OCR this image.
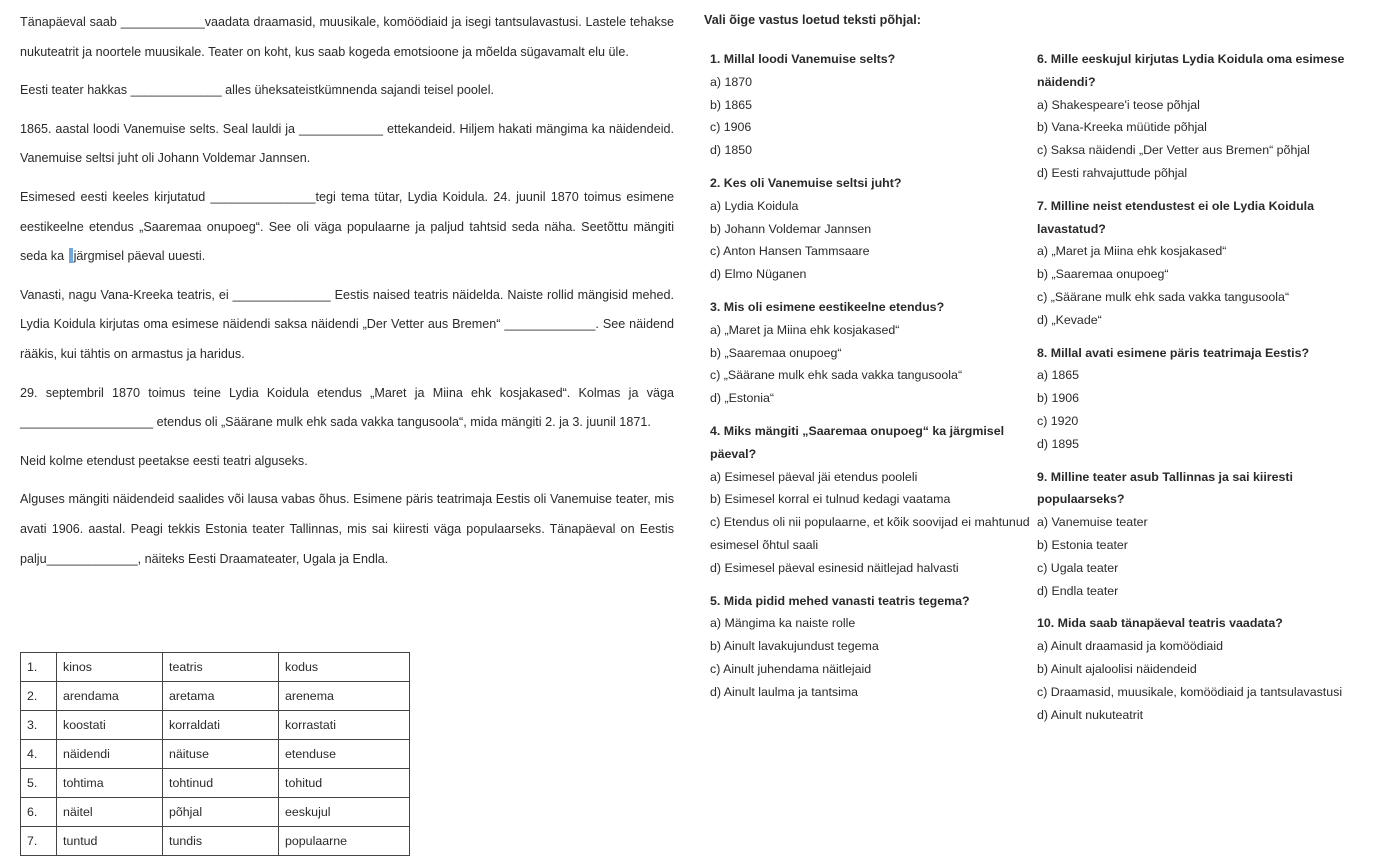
Tänapäeval saab ____________vaadata draamasid, muusikale, komöödiaid ja isegi tantsulavastusi. Lastele tehakse nukuteatrit ja noortele muusikale. Teater on koht, kus saab kogeda emotsioone ja mõelda sügavamalt elu üle.

Eesti teater hakkas _____________ alles üheksateistkümnenda sajandi teisel poolel.

1865. aastal loodi Vanemuise selts. Seal lauldi ja ____________ ettekandeid. Hiljem hakati mängima ka näidendeid. Vanemuise seltsi juht oli Johann Voldemar Jannsen.

Esimesed eesti keeles kirjutatud _______________tegi tema tütar, Lydia Koidula. 24. juunil 1870 toimus esimene eestikeelne etendus „Saaremaa onupoeg“. See oli väga populaarne ja paljud tahtsid seda näha. Seetõttu mängiti seda ka järgmisel päeval uuesti.

Vanasti, nagu Vana-Kreeka teatris, ei ______________ Eestis naised teatris näidelda. Naiste rollid mängisid mehed. Lydia Koidula kirjutas oma esimese näidendi saksa näidendi „Der Vetter aus Bremen“ _____________. See näidend rääkis, kui tähtis on armastus ja haridus.

29. septembril 1870 toimus teine Lydia Koidula etendus „Maret ja Miina ehk kosjakased“. Kolmas ja väga ___________________ etendus oli „Säärane mulk ehk sada vakka tangusoola“, mida mängiti 2. ja 3. juunil 1871.

Neid kolme etendust peetakse eesti teatri alguseks.

Alguses mängiti näidendeid saalides või lausa vabas õhus. Esimene päris teatrimaja Eestis oli Vanemuise teater, mis avati 1906. aastal. Peagi tekkis Estonia teater Tallinnas, mis sai kiiresti väga populaarseks. Tänapäeval on Eestis palju_____________, näiteks Eesti Draamateater, Ugala ja Endla.

1.	kinos	teatris	kodus
2.	arendama	aretama	arenema
3.	koostati	korraldati	korrastati
4.	näidendi	näituse	etenduse
5.	tohtima	tohtinud	tohitud
6.	näitel	põhjal	eeskujul
7.	tuntud	tundis	populaarne
Vali õige vastus loetud teksti põhjal:
1. Millal loodi Vanemuise selts?
a) 1870
b) 1865
c) 1906
d) 1850
2. Kes oli Vanemuise seltsi juht?
a) Lydia Koidula
b) Johann Voldemar Jannsen
c) Anton Hansen Tammsaare
d) Elmo Nüganen
3. Mis oli esimene eestikeelne etendus?
a) „Maret ja Miina ehk kosjakased“
b) „Saaremaa onupoeg“
c) „Säärane mulk ehk sada vakka tangusoola“
d) „Estonia“
4. Miks mängiti „Saaremaa onupoeg“ ka järgmisel päeval?
a) Esimesel päeval jäi etendus pooleli
b) Esimesel korral ei tulnud kedagi vaatama
c) Etendus oli nii populaarne, et kõik soovijad ei mahtunud esimesel õhtul saali
d) Esimesel päeval esinesid näitlejad halvasti
5. Mida pidid mehed vanasti teatris tegema?
a) Mängima ka naiste rolle
b) Ainult lavakujundust tegema
c) Ainult juhendama näitlejaid
d) Ainult laulma ja tantsima
6. Mille eeskujul kirjutas Lydia Koidula oma esimese näidendi?
a) Shakespeare'i teose põhjal
b) Vana-Kreeka müütide põhjal
c) Saksa näidendi „Der Vetter aus Bremen“ põhjal
d) Eesti rahvajuttude põhjal
7. Milline neist etendustest ei ole Lydia Koidula lavastatud?
a) „Maret ja Miina ehk kosjakased“
b) „Saaremaa onupoeg“
c) „Säärane mulk ehk sada vakka tangusoola“
d) „Kevade“
8. Millal avati esimene päris teatrimaja Eestis?
a) 1865
b) 1906
c) 1920
d) 1895
9. Milline teater asub Tallinnas ja sai kiiresti populaarseks?
a) Vanemuise teater
b) Estonia teater
c) Ugala teater
d) Endla teater
10. Mida saab tänapäeval teatris vaadata?
a) Ainult draamasid ja komöödiaid
b) Ainult ajaloolisi näidendeid
c) Draamasid, muusikale, komöödiaid ja tantsulavastusi
d) Ainult nukuteatrit
